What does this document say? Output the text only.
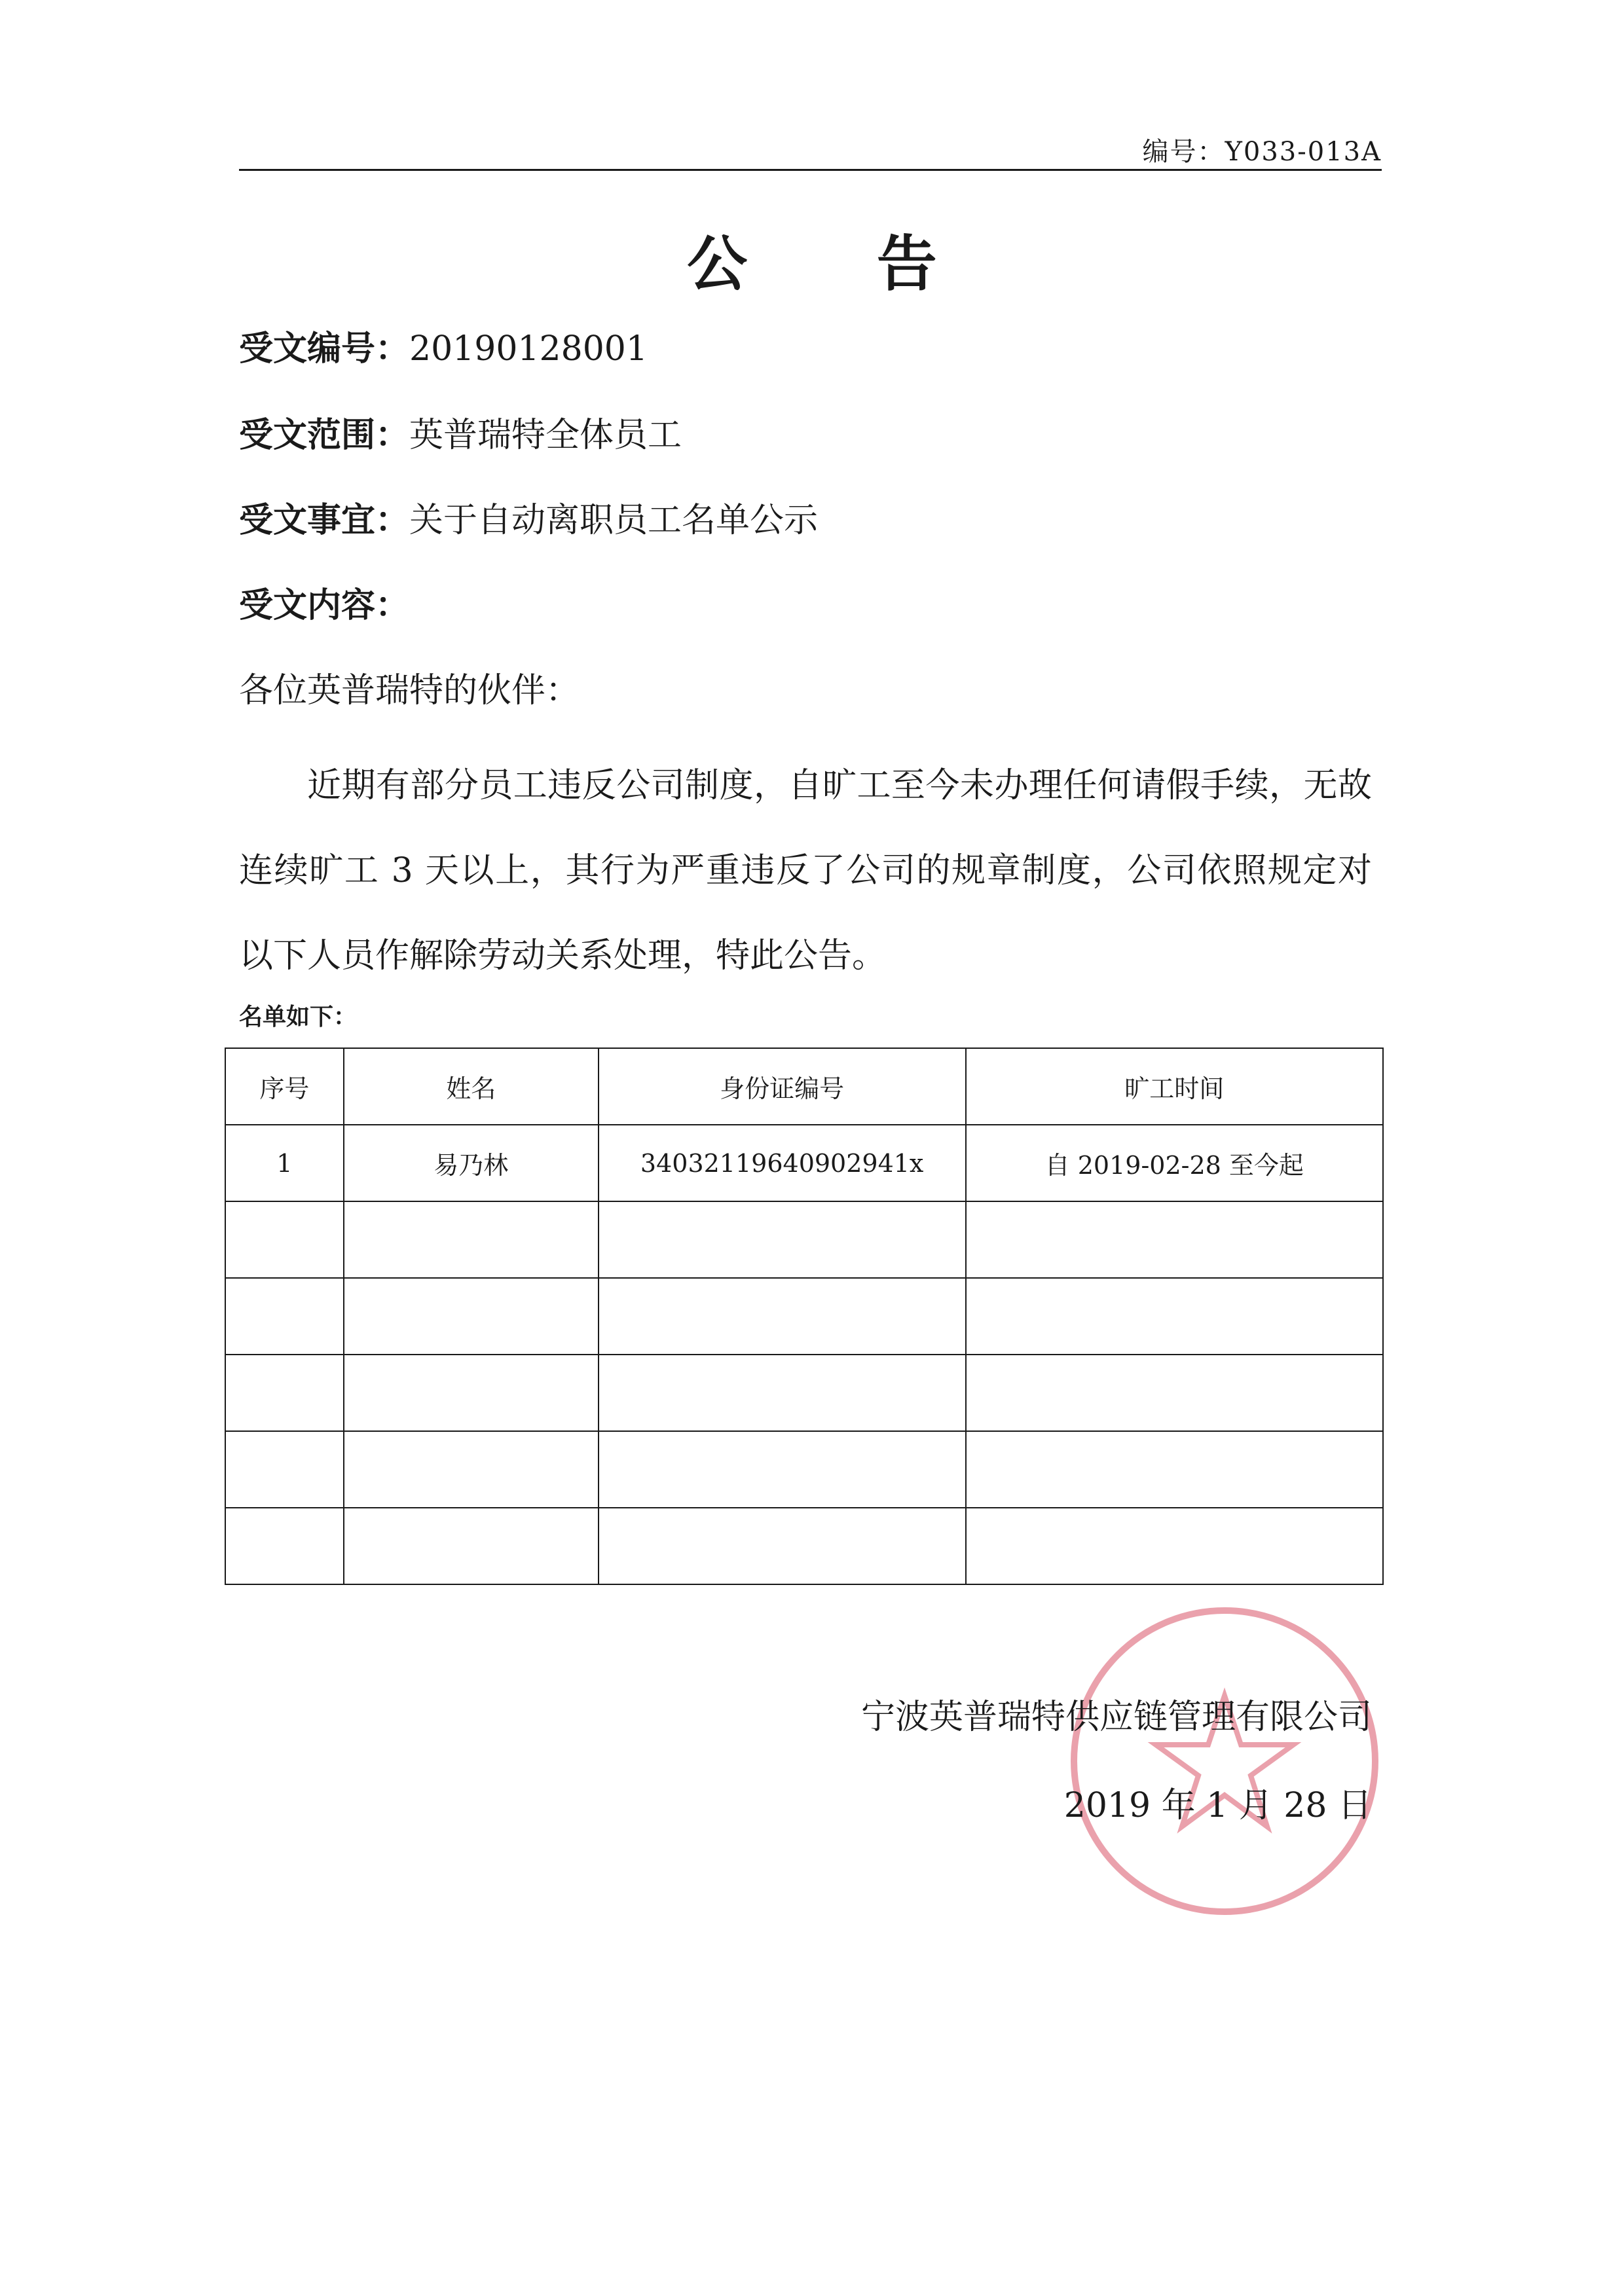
编号：Y033-013A
公 告
受文编号：20190128001
受文范围：英普瑞特全体员工
受文事宜：关于自动离职员工名单公示
受文内容：
各位英普瑞特的伙伴：
近期有部分员工违反公司制度，自旷工至今未办理任何请假手续，无故连续旷工 3 天以上，其行为严重违反了公司的规章制度，公司依照规定对以下人员作解除劳动关系处理，特此公告。
名单如下：
序号	姓名	身份证编号	旷工时间
1	易乃林	34032119640902941x	自 2019-02-28 至今起

宁波英普瑞特供应链管理有限公司
2019 年 1 月 28 日
